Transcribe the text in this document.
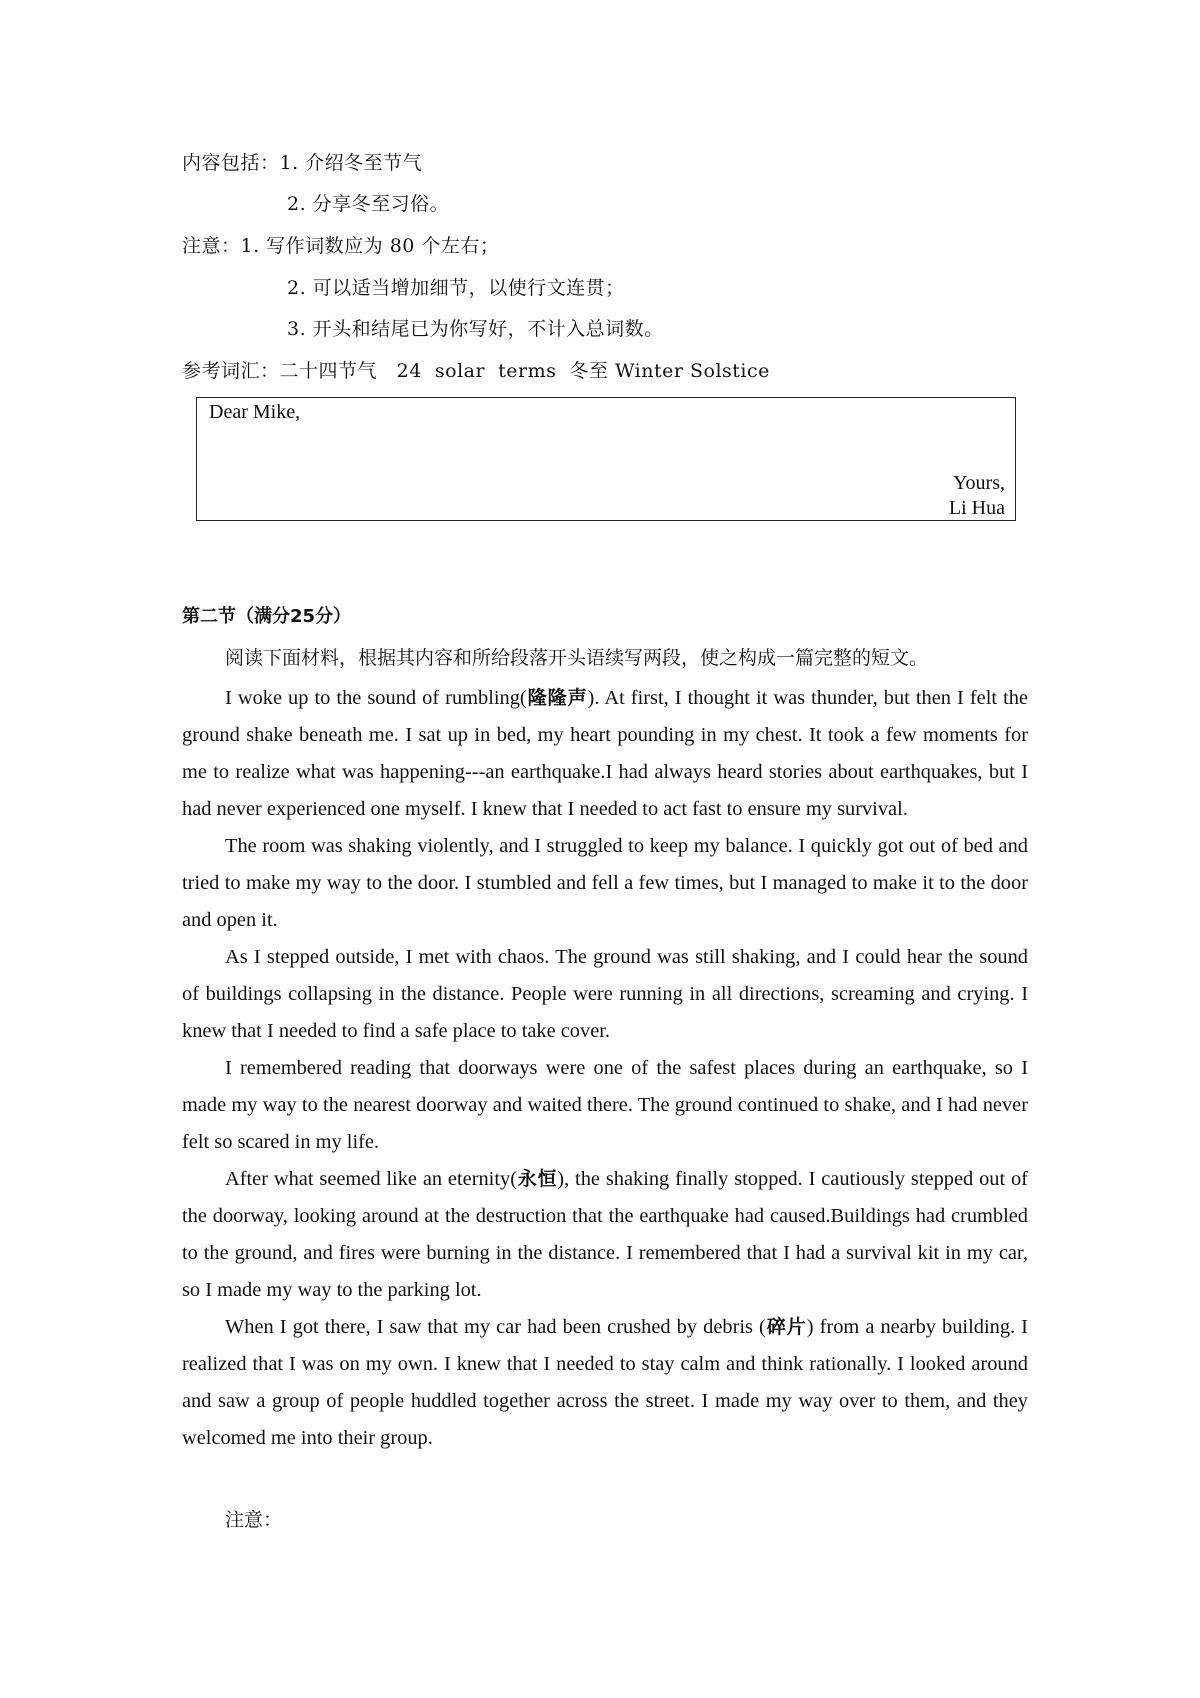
内容包括：1. 介绍冬至节气
2. 分享冬至习俗。
注意：1. 写作词数应为 80 个左右；
2. 可以适当增加细节，以使行文连贯；
3. 开头和结尾已为你写好，不计入总词数。
参考词汇：二十四节气   24  solar  terms  冬至 Winter Solstice
Dear Mike,
Yours,
Li Hua
第二节（满分25分）
阅读下面材料，根据其内容和所给段落开头语续写两段，使之构成一篇完整的短文。

I woke up to the sound of rumbling(隆隆声). At first, I thought it was thunder, but then I felt the ground shake beneath me. I sat up in bed, my heart pounding in my chest. It took a few moments for me to realize what was happening---an earthquake.I had always heard stories about earthquakes, but I had never experienced one myself. I knew that I needed to act fast to ensure my survival.

The room was shaking violently, and I struggled to keep my balance. I quickly got out of bed and tried to make my way to the door. I stumbled and fell a few times, but I managed to make it to the door and open it.

As I stepped outside, I met with chaos. The ground was still shaking, and I could hear the sound of buildings collapsing in the distance. People were running in all directions, screaming and crying. I knew that I needed to find a safe place to take cover.

I remembered reading that doorways were one of the safest places during an earthquake, so I made my way to the nearest doorway and waited there. The ground continued to shake, and I had never felt so scared in my life.

After what seemed like an eternity(永恒), the shaking finally stopped. I cautiously stepped out of the doorway, looking around at the destruction that the earthquake had caused.Buildings had crumbled to the ground, and fires were burning in the distance. I remembered that I had a survival kit in my car, so I made my way to the parking lot.

When I got there, I saw that my car had been crushed by debris (碎片) from a nearby building. I realized that I was on my own. I knew that I needed to stay calm and think rationally. I looked around and saw a group of people huddled together across the street. I made my way over to them, and they welcomed me into their group.

注意：
